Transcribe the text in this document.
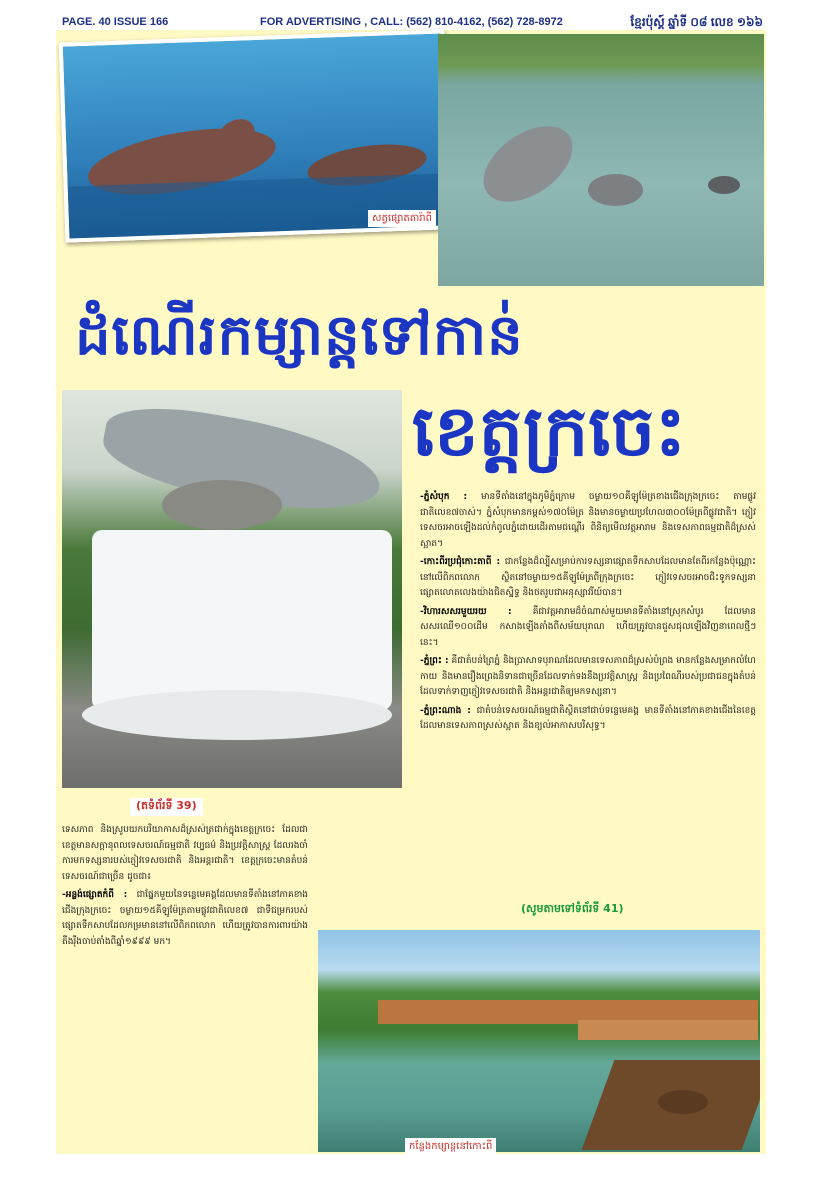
PAGE. 40 ISSUE 166	FOR ADVERTISING , CALL: (562) 810-4162, (562) 728-8972	ខ្មែរប៉ុស្ត៍ ឆ្នាំទី ០៨ លេខ ១៦៦
សត្វផ្សោតតារ៉ាពី
ដំណើរកម្សាន្តទៅកាន់
ខេត្តក្រចេះ
(តទំព័រទី 39)

-ភ្នំសំបុក : មានទីតាំងនៅក្នុងភូមិភ្នំក្រោម ចម្ងាយ១០គីឡូម៉ែត្រខាងជើងក្រុងក្រចេះ តាមផ្លូវជាតិលេខ៧ចាស់។ ភ្នំសំបុកមានកម្ពស់១៧០ម៉ែត្រ និងមានចម្ងាយប្រហែល៣០០ម៉ែត្រពីផ្លូវជាតិ។ ភ្ញៀវទេសចរអាចឡើងដល់កំពូលភ្នំដោយដើរតាមជណ្តើរ ពិនិត្យមើលវត្តអារាម និងទេសភាពធម្មជាតិដ៏ស្រស់ស្អាត។

-កោះពីរប្រជុំកោះតាពី : ជាកន្លែងដ៏ល្បីសម្រាប់ការទស្សនាផ្សោតទឹកសាបដែលមានតែពីរកន្លែងប៉ុណ្ណោះនៅលើពិភពលោក ស្ថិតនៅចម្ងាយ១៥គីឡូម៉ែត្រពីក្រុងក្រចេះ ភ្ញៀវទេសចរអាចជិះទូកទស្សនាផ្សោតលោតលេងយ៉ាងជិតស្និទ្ធ និងថតរូបជាអនុស្សាវរីយ៍បាន។

-វិហារសសរមួយរយ : គឺជាវត្តអារាមដ៏ចំណាស់មួយមានទីតាំងនៅស្រុកសំបូរ ដែលមានសសរឈើ១០០ដើម កសាងឡើងតាំងពីសម័យបុរាណ ហើយត្រូវបានជួសជុលឡើងវិញនាពេលថ្មីៗនេះ។

-ភ្នំព្រះ : គឺជាតំបន់ព្រៃភ្នំ និងប្រាសាទបុរាណដែលមានទេសភាពដ៏ស្រស់បំព្រង មានកន្លែងសម្រាកលំហែកាយ និងមានរឿងព្រេងនិទានជាច្រើនដែលទាក់ទងនឹងប្រវត្តិសាស្ត្រ និងប្រពៃណីរបស់ប្រជាជនក្នុងតំបន់ ដែលទាក់ទាញភ្ញៀវទេសចរជាតិ និងអន្តរជាតិឲ្យមកទស្សនា។

-ភ្នំព្រះណាង : ជាតំបន់ទេសចរណ៍ធម្មជាតិស្ថិតនៅជាប់ទន្លេមេគង្គ មានទីតាំងនៅភាគខាងជើងនៃខេត្ត ដែលមានទេសភាពស្រស់ស្អាត និងខ្យល់អាកាសបរិសុទ្ធ។

(សូមតាមទៅទំព័រទី 41)

ទេសភាព និងស្រូបយកបរិយាកាសដ៏ស្រស់ត្រជាក់ក្នុងខេត្តក្រចេះ ដែលជាខេត្តមានសក្តានុពលទេសចរណ៍ធម្មជាតិ វប្បធម៌ និងប្រវត្តិសាស្ត្រ ដែលរងចាំការមកទស្សនារបស់ភ្ញៀវទេសចរជាតិ និងអន្តរជាតិ។ ខេត្តក្រចេះមានតំបន់ទេសចរណ៍ជាច្រើន ដូចជា៖

-អន្លង់ផ្សោតកំពី : ជាផ្នែកមួយនៃទន្លេមេគង្គដែលមានទីតាំងនៅភាគខាងជើងក្រុងក្រចេះ ចម្ងាយ១៥គីឡូម៉ែត្រតាមផ្លូវជាតិលេខ៧ ជាទីជម្រករបស់ផ្សោតទឹកសាបដែលកម្រមាននៅលើពិភពលោក ហើយត្រូវបានការពារយ៉ាងតឹងរ៉ឹងចាប់តាំងពីឆ្នាំ១៩៩៩ មក។

កន្លែងកម្សាន្តនៅកោះពី
